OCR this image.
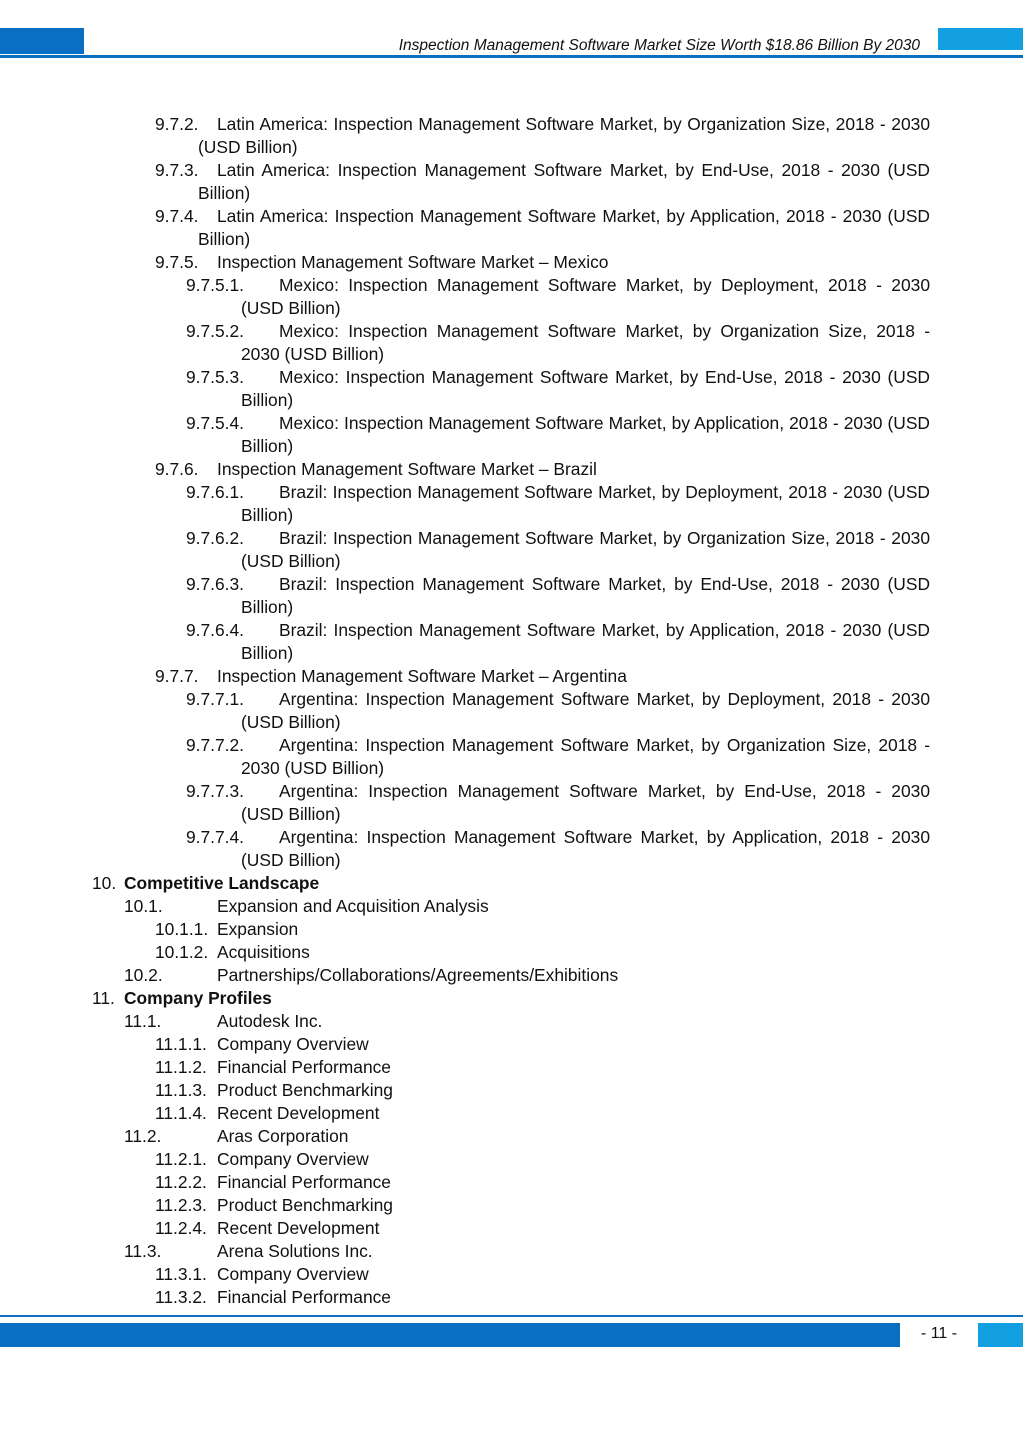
Inspection Management Software Market Size Worth $18.86 Billion By 2030
9.7.2.	Latin America: Inspection Management Software Market, by Organization Size, 2018 - 2030 (USD Billion)
9.7.3.	Latin America: Inspection Management Software Market, by End-Use, 2018 - 2030 (USD Billion)
9.7.4.	Latin America: Inspection Management Software Market, by Application, 2018 - 2030 (USD Billion)
9.7.5. Inspection Management Software Market – Mexico
9.7.5.1.	Mexico: Inspection Management Software Market, by Deployment, 2018 - 2030 (USD Billion)
9.7.5.2.	Mexico: Inspection Management Software Market, by Organization Size, 2018 - 2030 (USD Billion)
9.7.5.3.	Mexico: Inspection Management Software Market, by End-Use, 2018 - 2030 (USD Billion)
9.7.5.4.	Mexico: Inspection Management Software Market, by Application, 2018 - 2030 (USD Billion)
9.7.6. Inspection Management Software Market – Brazil
9.7.6.1.	Brazil: Inspection Management Software Market, by Deployment, 2018 - 2030 (USD Billion)
9.7.6.2.	Brazil: Inspection Management Software Market, by Organization Size, 2018 - 2030 (USD Billion)
9.7.6.3.	Brazil: Inspection Management Software Market, by End-Use, 2018 - 2030 (USD Billion)
9.7.6.4.	Brazil: Inspection Management Software Market, by Application, 2018 - 2030 (USD Billion)
9.7.7. Inspection Management Software Market – Argentina
9.7.7.1.	Argentina: Inspection Management Software Market, by Deployment, 2018 - 2030 (USD Billion)
9.7.7.2.	Argentina: Inspection Management Software Market, by Organization Size, 2018 - 2030 (USD Billion)
9.7.7.3.	Argentina: Inspection Management Software Market, by End-Use, 2018 - 2030 (USD Billion)
9.7.7.4.	Argentina: Inspection Management Software Market, by Application, 2018 - 2030 (USD Billion)
10. Competitive Landscape
10.1.	Expansion and Acquisition Analysis
10.1.1. Expansion
10.1.2. Acquisitions
10.2.	Partnerships/Collaborations/Agreements/Exhibitions
11. Company Profiles
11.1.	Autodesk Inc.
11.1.1. Company Overview
11.1.2. Financial Performance
11.1.3. Product Benchmarking
11.1.4. Recent Development
11.2.	Aras Corporation
11.2.1. Company Overview
11.2.2. Financial Performance
11.2.3. Product Benchmarking
11.2.4. Recent Development
11.3.	Arena Solutions Inc.
11.3.1. Company Overview
11.3.2. Financial Performance
- 11 -
